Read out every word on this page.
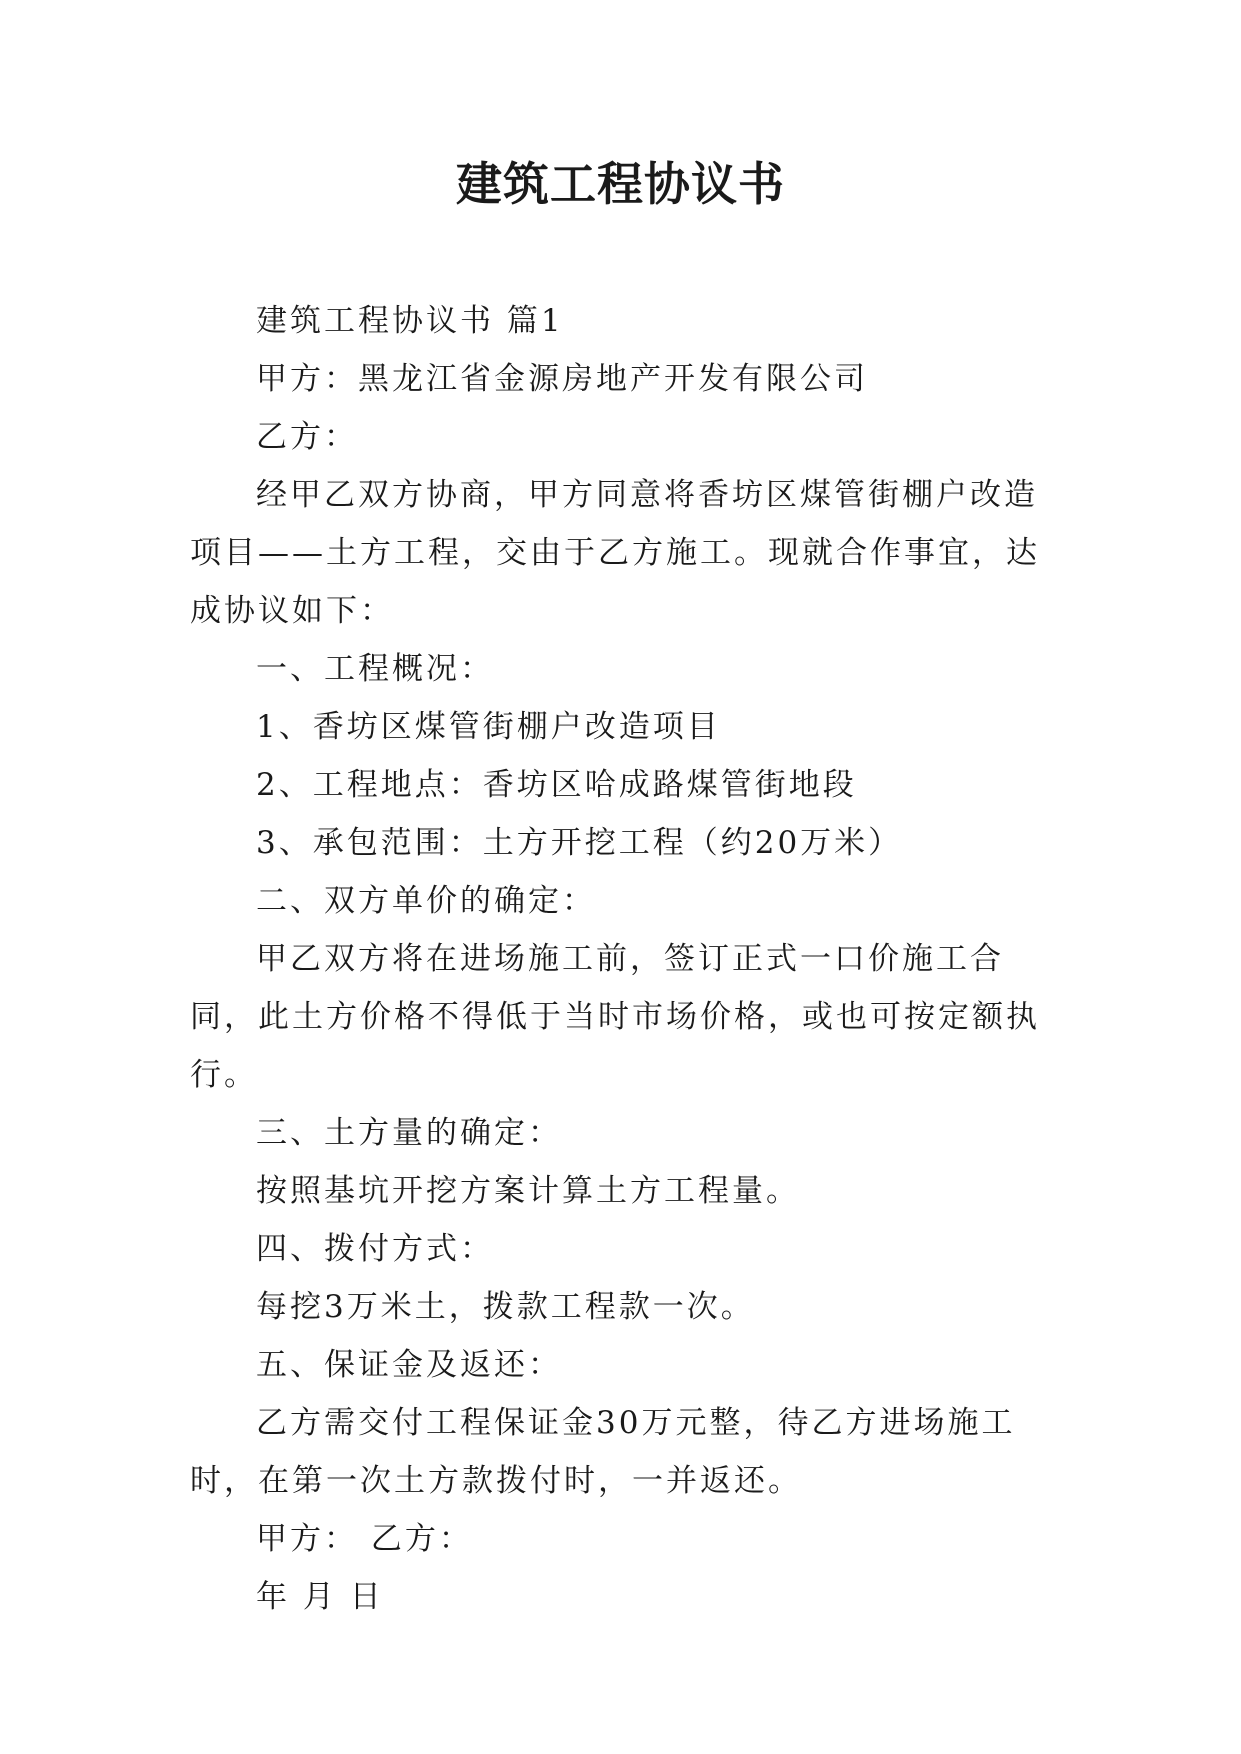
建筑工程协议书

建筑工程协议书 篇1

甲方：黑龙江省金源房地产开发有限公司

乙方：

经甲乙双方协商，甲方同意将香坊区煤管街棚户改造项目——土方工程，交由于乙方施工。现就合作事宜，达成协议如下：

一、工程概况：

1、香坊区煤管街棚户改造项目

2、工程地点：香坊区哈成路煤管街地段

3、承包范围：土方开挖工程（约20万米）

二、双方单价的确定：

甲乙双方将在进场施工前，签订正式一口价施工合同，此土方价格不得低于当时市场价格，或也可按定额执行。

三、土方量的确定：

按照基坑开挖方案计算土方工程量。

四、拨付方式：

每挖3万米土，拨款工程款一次。

五、保证金及返还：

乙方需交付工程保证金30万元整，待乙方进场施工时，在第一次土方款拨付时，一并返还。

甲方： 乙方：

年 月 日
